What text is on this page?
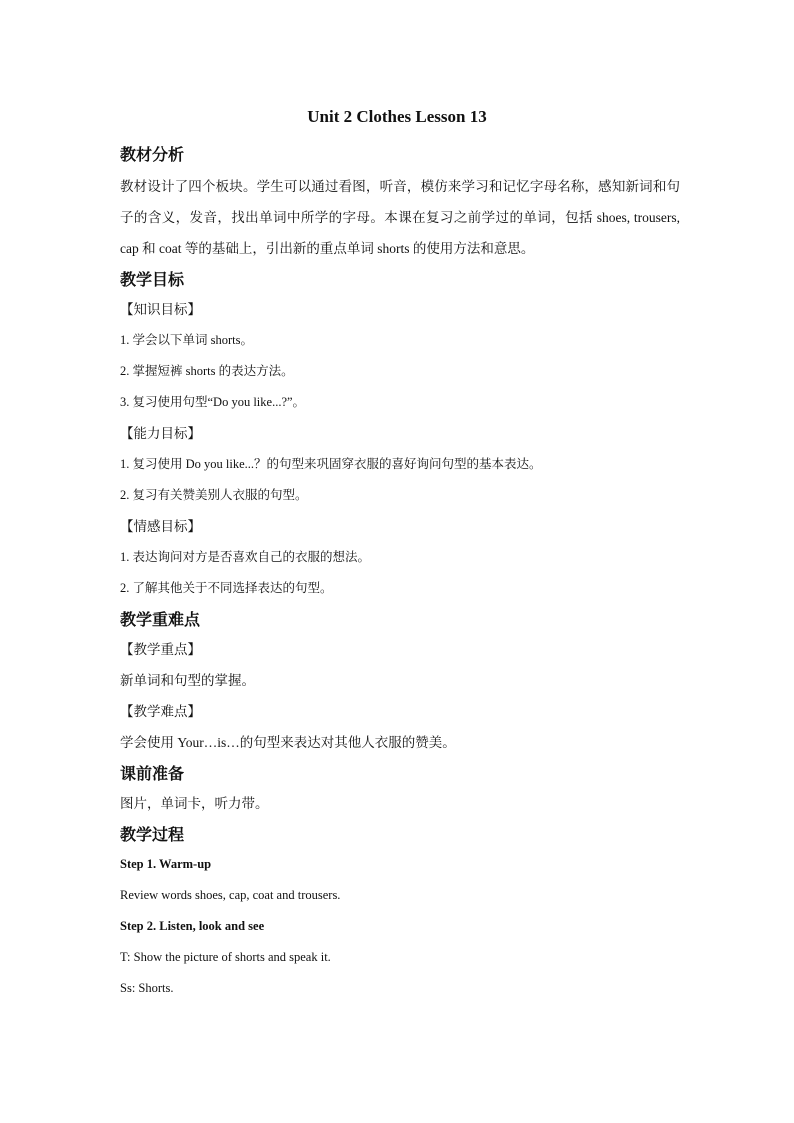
Unit 2 Clothes Lesson 13

教材分析

教材设计了四个板块。学生可以通过看图，听音，模仿来学习和记忆字母名称，感知新词和句子的含义，发音，找出单词中所学的字母。本课在复习之前学过的单词，包括 shoes, trousers, cap 和 coat 等的基础上，引出新的重点单词 shorts 的使用方法和意思。

教学目标

【知识目标】

1. 学会以下单词 shorts。

2. 掌握短裤 shorts 的表达方法。

3. 复习使用句型“Do you like...?”。

【能力目标】

1. 复习使用 Do you like...？的句型来巩固穿衣服的喜好询问句型的基本表达。

2. 复习有关赞美别人衣服的句型。

【情感目标】

1. 表达询问对方是否喜欢自己的衣服的想法。

2. 了解其他关于不同选择表达的句型。

教学重难点

【教学重点】

新单词和句型的掌握。

【教学难点】

学会使用 Your…is…的句型来表达对其他人衣服的赞美。

课前准备

图片，单词卡，听力带。

教学过程

Step 1. Warm-up

Review words shoes, cap, coat and trousers.

Step 2. Listen, look and see

T: Show the picture of shorts and speak it.

Ss: Shorts.
